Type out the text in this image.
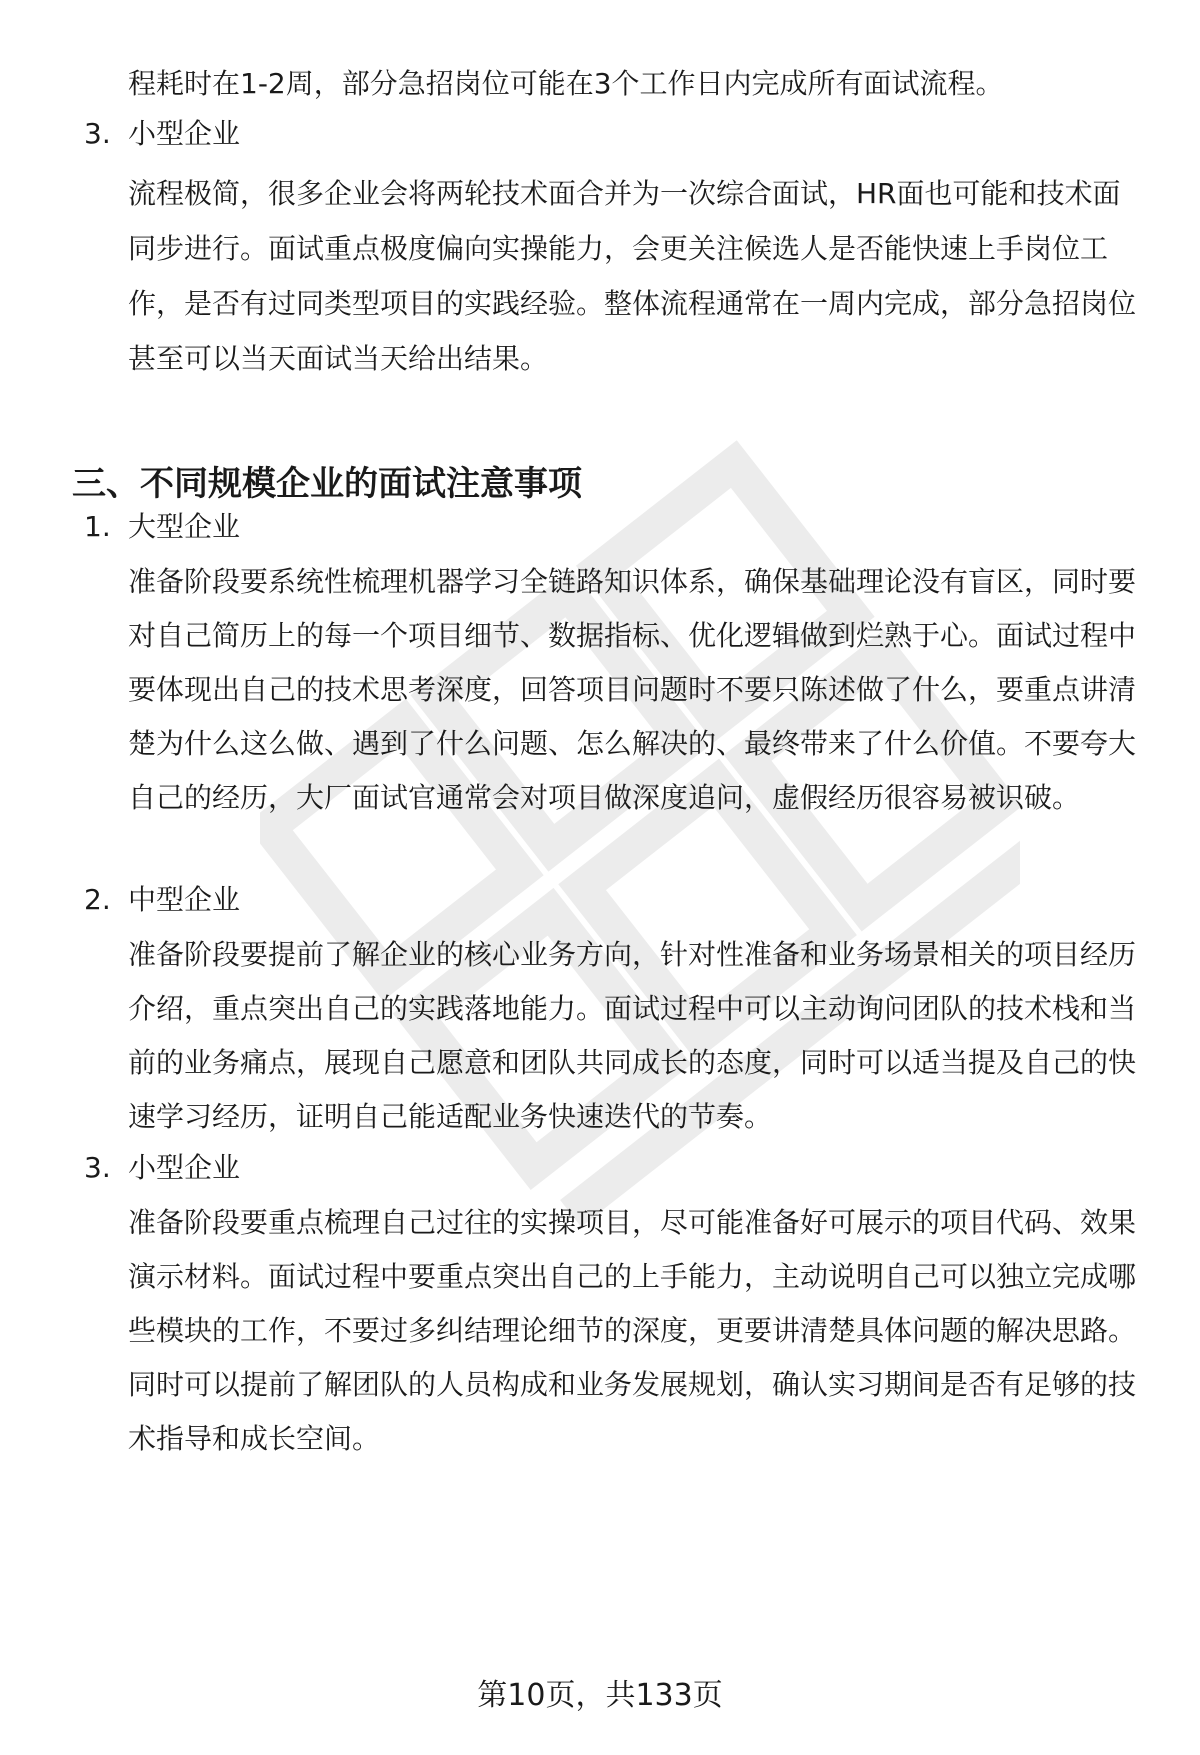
程耗时在1-2周，部分急招岗位可能在3个工作日内完成所有面试流程。

3. 小型企业
流程极简，很多企业会将两轮技术面合并为一次综合面试，HR面也可能和技术面同步进行。面试重点极度偏向实操能力，会更关注候选人是否能快速上手岗位工作，是否有过同类型项目的实践经验。整体流程通常在一周内完成，部分急招岗位甚至可以当天面试当天给出结果。
三、不同规模企业的面试注意事项
1. 大型企业
准备阶段要系统性梳理机器学习全链路知识体系，确保基础理论没有盲区，同时要对自己简历上的每一个项目细节、数据指标、优化逻辑做到烂熟于心。面试过程中要体现出自己的技术思考深度，回答项目问题时不要只陈述做了什么，要重点讲清楚为什么这么做、遇到了什么问题、怎么解决的、最终带来了什么价值。不要夸大自己的经历，大厂面试官通常会对项目做深度追问，虚假经历很容易被识破。
2. 中型企业
准备阶段要提前了解企业的核心业务方向，针对性准备和业务场景相关的项目经历介绍，重点突出自己的实践落地能力。面试过程中可以主动询问团队的技术栈和当前的业务痛点，展现自己愿意和团队共同成长的态度，同时可以适当提及自己的快速学习经历，证明自己能适配业务快速迭代的节奏。
3. 小型企业
准备阶段要重点梳理自己过往的实操项目，尽可能准备好可展示的项目代码、效果演示材料。面试过程中要重点突出自己的上手能力，主动说明自己可以独立完成哪些模块的工作，不要过多纠结理论细节的深度，更要讲清楚具体问题的解决思路。同时可以提前了解团队的人员构成和业务发展规划，确认实习期间是否有足够的技术指导和成长空间。

第10页，共133页
